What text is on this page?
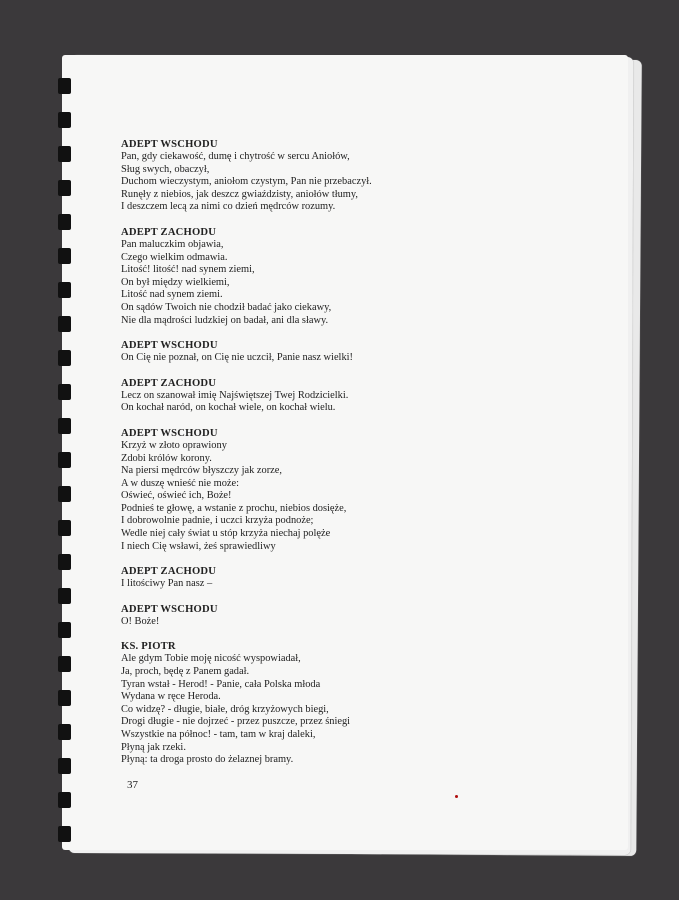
ADEPT WSCHODU
Pan, gdy ciekawość, dumę i chytrość w sercu Aniołów,
Sług swych, obaczył,
Duchom wieczystym, aniołom czystym, Pan nie przebaczył.
Runęły z niebios, jak deszcz gwiaździsty, aniołów tłumy,
I deszczem lecą za nimi co dzień mędrców rozumy.
ADEPT ZACHODU
Pan maluczkim objawia,
Czego wielkim odmawia.
Litość! litość! nad synem ziemi,
On był między wielkiemi,
Litość nad synem ziemi.
On sądów Twoich nie chodził badać jako ciekawy,
Nie dla mądrości ludzkiej on badał, ani dla sławy.
ADEPT WSCHODU
On Cię nie poznał, on Cię nie uczcił, Panie nasz wielki!
ADEPT ZACHODU
Lecz on szanował imię Najświętszej Twej Rodzicielki.
On kochał naród, on kochał wiele, on kochał wielu.
ADEPT WSCHODU
Krzyż w złoto oprawiony
Zdobi królów korony.
Na piersi mędrców błyszczy jak zorze,
A w duszę wnieść nie może:
Oświeć, oświeć ich, Boże!
Podnieś te głowę, a wstanie z prochu, niebios dosięże,
I dobrowolnie padnie, i uczci krzyża podnoże;
Wedle niej cały świat u stóp krzyża niechaj polęże
I niech Cię wsławi, żeś sprawiedliwy
ADEPT ZACHODU
I litościwy Pan nasz –
ADEPT WSCHODU
O! Boże!
KS. PIOTR
Ale gdym Tobie moję nicość wyspowiadał,
Ja, proch, będę z Panem gadał.
Tyran wstał - Herod! - Panie, cała Polska młoda
Wydana w ręce Heroda.
Co widzę? - długie, białe, dróg krzyżowych biegi,
Drogi długie - nie dojrzeć - przez puszcze, przez śniegi
Wszystkie na północ! - tam, tam w kraj daleki,
Płyną jak rzeki.
Płyną: ta droga prosto do żelaznej bramy.
37
